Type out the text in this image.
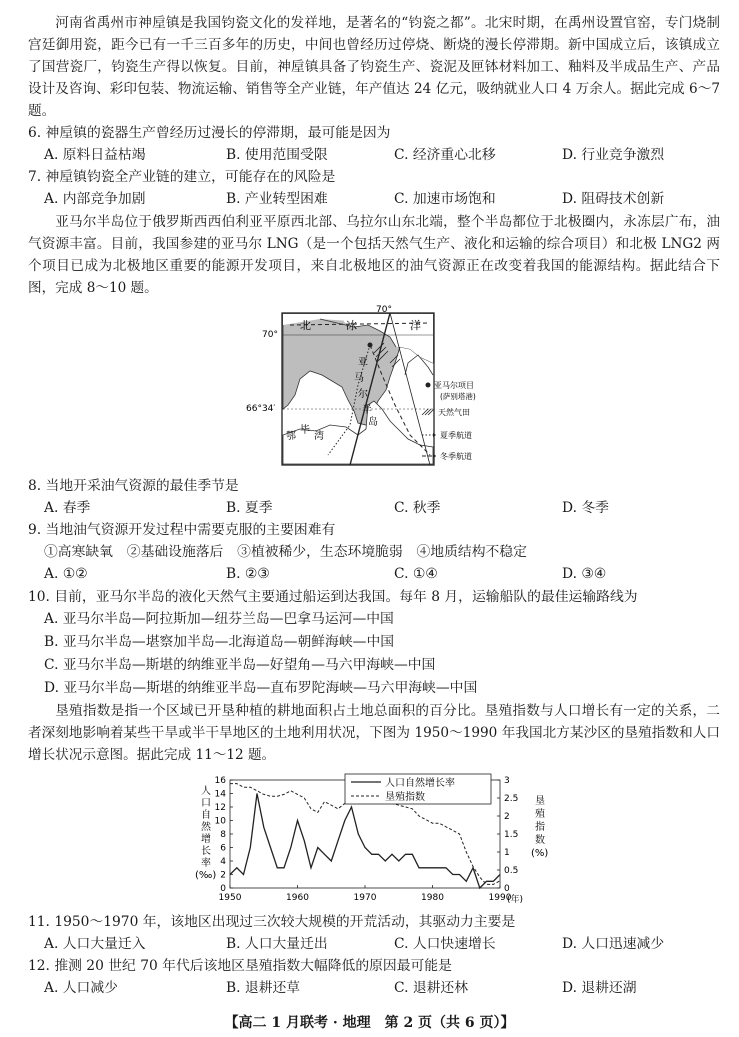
河南省禹州市神垕镇是我国钧瓷文化的发祥地，是著名的“钧瓷之都”。北宋时期，在禹州设置官窑，专门烧制宫廷御用瓷，距今已有一千三百多年的历史，中间也曾经历过停烧、断烧的漫长停滞期。新中国成立后，该镇成立了国营瓷厂，钧瓷生产得以恢复。目前，神垕镇具备了钧瓷生产、瓷泥及匣钵材料加工、釉料及半成品生产、产品设计及咨询、彩印包装、物流运输、销售等全产业链，年产值达 24 亿元，吸纳就业人口 4 万余人。据此完成 6～7 题。
6. 神垕镇的瓷器生产曾经历过漫长的停滞期，最可能是因为
A. 原料日益枯竭	B. 使用范围受限	C. 经济重心北移	D. 行业竞争激烈
7. 神垕镇钧瓷全产业链的建立，可能存在的风险是
A. 内部竞争加剧	B. 产业转型困难	C. 加速市场饱和	D. 阻碍技术创新
亚马尔半岛位于俄罗斯西西伯利亚平原西北部、乌拉尔山东北端，整个半岛都位于北极圈内，永冻层广布，油气资源丰富。目前，我国参建的亚马尔 LNG（是一个包括天然气生产、液化和运输的综合项目）和北极 LNG2 两个项目已成为北极地区重要的能源开发项目，来自北极地区的油气资源正在改变着我国的能源结构。据此结合下图，完成 8～10 题。
70°
70°
66°34′
北	冰	洋
亚
马
尔
半
岛
鄂
毕
湾
亚马尔项目
(萨别塔港)
天然气田
夏季航道
冬季航道
8. 当地开采油气资源的最佳季节是
A. 春季	B. 夏季	C. 秋季	D. 冬季
9. 当地油气资源开发过程中需要克服的主要困难有
①高寒缺氧　②基础设施落后　③植被稀少，生态环境脆弱　④地质结构不稳定
A. ①②	B. ②③	C. ①④	D. ③④
10. 目前，亚马尔半岛的液化天然气主要通过船运到达我国。每年 8 月，运输船队的最佳运输路线为
A. 亚马尔半岛—阿拉斯加—纽芬兰岛—巴拿马运河—中国
B. 亚马尔半岛—堪察加半岛—北海道岛—朝鲜海峡—中国
C. 亚马尔半岛—斯堪的纳维亚半岛—好望角—马六甲海峡—中国
D. 亚马尔半岛—斯堪的纳维亚半岛—直布罗陀海峡—马六甲海峡—中国
垦殖指数是指一个区域已开垦种植的耕地面积占土地总面积的百分比。垦殖指数与人口增长有一定的关系，二者深刻地影响着某些干旱或半干旱地区的土地利用状况，下图为 1950～1990 年我国北方某沙区的垦殖指数和人口增长状况示意图。据此完成 11～12 题。
0
2
4
6
8
10
12
14
16
0
0.5
1
1.5
2
2.5
3
1950	1960	1970	1980	1990
人口自然增长率
垦殖指数
人口自然增长率(‰)
垦殖指数(%)
(年)
11. 1950～1970 年，该地区出现过三次较大规模的开荒活动，其驱动力主要是
A. 人口大量迁入	B. 人口大量迁出	C. 人口快速增长	D. 人口迅速减少
12. 推测 20 世纪 70 年代后该地区垦殖指数大幅降低的原因最可能是
A. 人口减少	B. 退耕还草	C. 退耕还林	D. 退耕还湖
【高二 1 月联考 · 地理　第 2 页（共 6 页）】
